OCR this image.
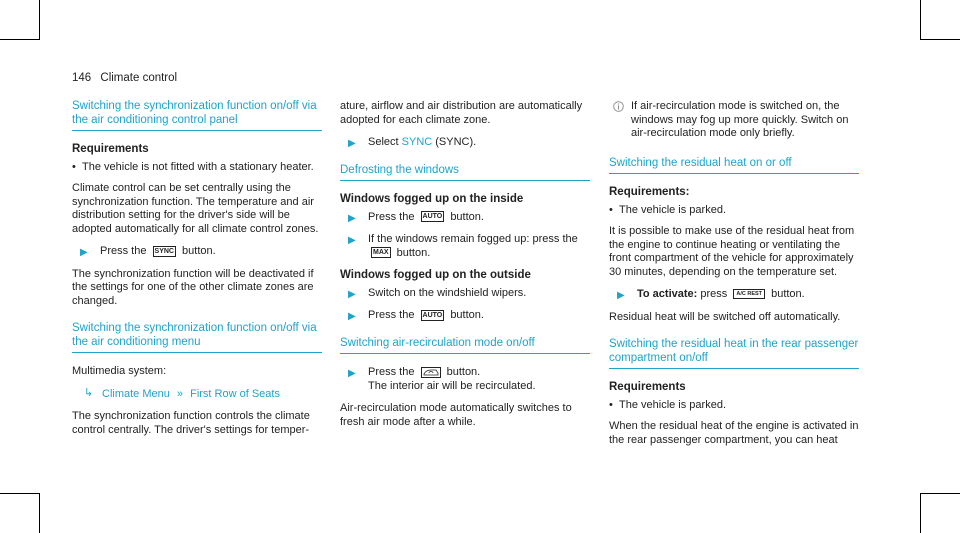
146 Climate control
Switching the synchronization function on/off via the air conditioning control panel
Requirements
• The vehicle is not fitted with a stationary heater.

Climate control can be set centrally using the synchronization function. The temperature and air distribution setting for the driver's side will be adopted automatically for all climate control zones.

▶ Press the SYNC button.

The synchronization function will be deactivated if the settings for one of the other climate zones are changed.

Switching the synchronization function on/off via the air conditioning menu

Multimedia system:

↳ Climate Menu » First Row of Seats

The synchronization function controls the climate control centrally. The driver's settings for temper-

ature, airflow and air distribution are automatically adopted for each climate zone.

▶ Select SYNC (SYNC).
Defrosting the windows
Windows fogged up on the inside
▶ Press the AUTO button.
▶ If the windows remain fogged up: press the MAX button.
Windows fogged up on the outside
▶ Switch on the windshield wipers.
▶ Press the AUTO button.
Switching air-recirculation mode on/off
▶ Press the	button.
The interior air will be recirculated.

Air-recirculation mode automatically switches to fresh air mode after a while.

If air-recirculation mode is switched on, the windows may fog up more quickly. Switch on air-recirculation mode only briefly.
Switching the residual heat on or off
Requirements:
• The vehicle is parked.

It is possible to make use of the residual heat from the engine to continue heating or ventilating the front compartment of the vehicle for approximately 30 minutes, depending on the temperature set.

▶ To activate: press A/C REST button.

Residual heat will be switched off automatically.

Switching the residual heat in the rear passenger compartment on/off
Requirements
• The vehicle is parked.

When the residual heat of the engine is activated in the rear passenger compartment, you can heat
